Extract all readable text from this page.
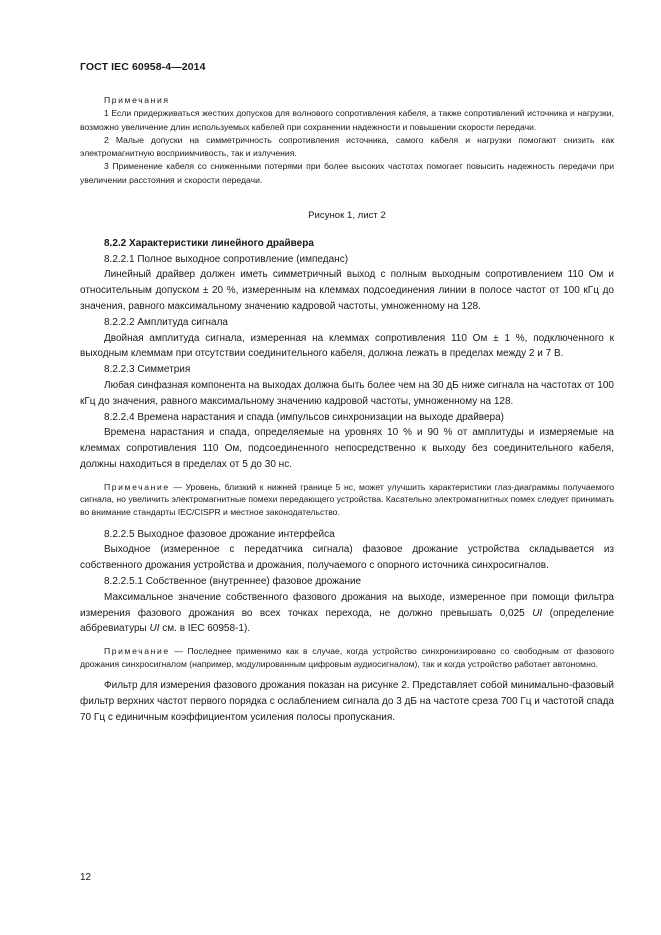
ГОСТ IEC 60958-4—2014

Примечания

1 Если придерживаться жестких допусков для волнового сопротивления кабеля, а также сопротивлений источника и нагрузки, возможно увеличение длин используемых кабелей при сохранении надежности и повышении скорости передачи.

2 Малые допуски на симметричность сопротивления источника, самого кабеля и нагрузки помогают снизить как электромагнитную восприимчивость, так и излучения.

3 Применение кабеля со сниженными потерями при более высоких частотах помогает повысить надежность передачи при увеличении расстояния и скорости передачи.

Рисунок 1, лист 2

8.2.2 Характеристики линейного драйвера

8.2.2.1 Полное выходное сопротивление (импеданс)

Линейный драйвер должен иметь симметричный выход с полным выходным сопротивлением 110 Ом и относительным допуском ± 20 %, измеренным на клеммах подсоединения линии в полосе частот от 100 кГц до значения, равного максимальному значению кадровой частоты, умноженному на 128.

8.2.2.2 Амплитуда сигнала

Двойная амплитуда сигнала, измеренная на клеммах сопротивления 110 Ом ± 1 %, подключенного к выходным клеммам при отсутствии соединительного кабеля, должна лежать в пределах между 2 и 7 В.

8.2.2.3 Симметрия

Любая синфазная компонента на выходах должна быть более чем на 30 дБ ниже сигнала на частотах от 100 кГц до значения, равного максимальному значению кадровой частоты, умноженному на 128.

8.2.2.4 Времена нарастания и спада (импульсов синхронизации на выходе драйвера)

Времена нарастания и спада, определяемые на уровнях 10 % и 90 % от амплитуды и измеряемые на клеммах сопротивления 110 Ом, подсоединенного непосредственно к выходу без соединительного кабеля, должны находиться в пределах от 5 до 30 нс.

Примечание — Уровень, близкий к нижней границе 5 нс, может улучшить характеристики глаз-диаграммы получаемого сигнала, но увеличить электромагнитные помехи передающего устройства. Касательно электромагнитных помех следует принимать во внимание стандарты IEC/CISPR и местное законодательство.

8.2.2.5 Выходное фазовое дрожание интерфейса

Выходное (измеренное с передатчика сигнала) фазовое дрожание устройства складывается из собственного дрожания устройства и дрожания, получаемого с опорного источника синхросигналов.

8.2.2.5.1 Собственное (внутреннее) фазовое дрожание

Максимальное значение собственного фазового дрожания на выходе, измеренное при помощи фильтра измерения фазового дрожания во всех точках перехода, не должно превышать 0,025 UI (определение аббревиатуры UI см. в IEC 60958-1).

Примечание — Последнее применимо как в случае, когда устройство синхронизировано со свободным от фазового дрожания синхросигналом (например, модулированным цифровым аудиосигналом), так и когда устройство работает автономно.

Фильтр для измерения фазового дрожания показан на рисунке 2. Представляет собой минимально-фазовый фильтр верхних частот первого порядка с ослаблением сигнала до 3 дБ на частоте среза 700 Гц и частотой спада 70 Гц с единичным коэффициентом усиления полосы пропускания.

12
